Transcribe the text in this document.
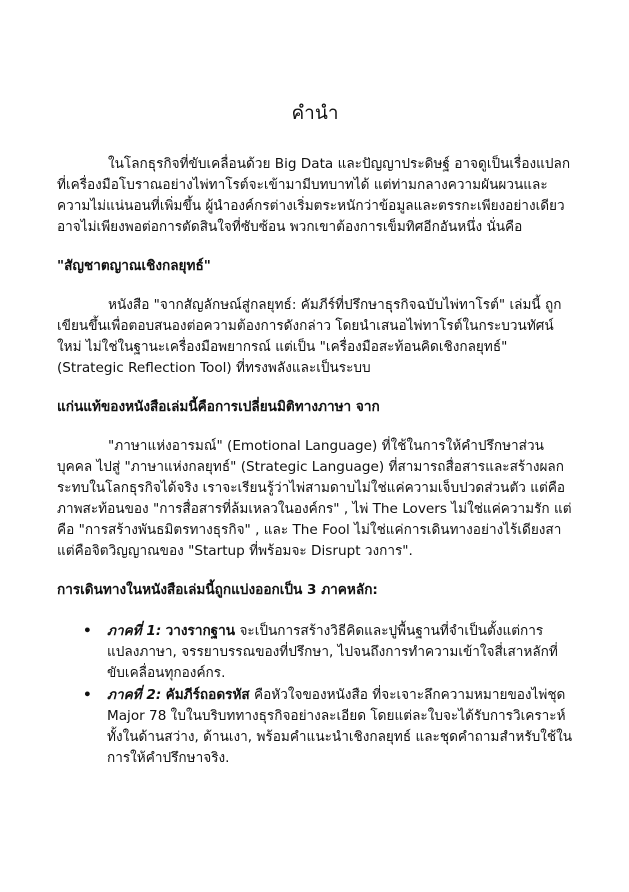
คำนำ

ในโลกธุรกิจที่ขับเคลื่อนด้วย Big Data และปัญญาประดิษฐ์ อาจดูเป็นเรื่องแปลกที่เครื่องมือโบราณอย่างไพ่ทาโรต์จะเข้ามามีบทบาทได้ แต่ท่ามกลางความผันผวนและความไม่แน่นอนที่เพิ่มขึ้น ผู้นำองค์กรต่างเริ่มตระหนักว่าข้อมูลและตรรกะเพียงอย่างเดียวอาจไม่เพียงพอต่อการตัดสินใจที่ซับซ้อน พวกเขาต้องการเข็มทิศอีกอันหนึ่ง นั่นคือ

"สัญชาตญาณเชิงกลยุทธ์"

หนังสือ "จากสัญลักษณ์สู่กลยุทธ์: คัมภีร์ที่ปรึกษาธุรกิจฉบับไพ่ทาโรต์" เล่มนี้ ถูกเขียนขึ้นเพื่อตอบสนองต่อความต้องการดังกล่าว โดยนำเสนอไพ่ทาโรต์ในกระบวนทัศน์ใหม่ ไม่ใช่ในฐานะเครื่องมือพยากรณ์ แต่เป็น "เครื่องมือสะท้อนคิดเชิงกลยุทธ์" (Strategic Reflection Tool) ที่ทรงพลังและเป็นระบบ

แก่นแท้ของหนังสือเล่มนี้คือการเปลี่ยนมิติทางภาษา จาก

"ภาษาแห่งอารมณ์" (Emotional Language) ที่ใช้ในการให้คำปรึกษาส่วนบุคคล ไปสู่ "ภาษาแห่งกลยุทธ์" (Strategic Language) ที่สามารถสื่อสารและสร้างผลกระทบในโลกธุรกิจได้จริง เราจะเรียนรู้ว่าไพ่สามดาบไม่ใช่แค่ความเจ็บปวดส่วนตัว แต่คือภาพสะท้อนของ "การสื่อสารที่ล้มเหลวในองค์กร" , ไพ่ The Lovers ไม่ใช่แค่ความรัก แต่คือ "การสร้างพันธมิตรทางธุรกิจ" , และ The Fool ไม่ใช่แค่การเดินทางอย่างไร้เดียงสา แต่คือจิตวิญญาณของ "Startup ที่พร้อมจะ Disrupt วงการ".

การเดินทางในหนังสือเล่มนี้ถูกแบ่งออกเป็น 3 ภาคหลัก:
• ภาคที่ 1: วางรากฐาน จะเป็นการสร้างวิธีคิดและปูพื้นฐานที่จำเป็นตั้งแต่การแปลงภาษา, จรรยาบรรณของที่ปรึกษา, ไปจนถึงการทำความเข้าใจสี่เสาหลักที่ขับเคลื่อนทุกองค์กร.
• ภาคที่ 2: คัมภีร์ถอดรหัส คือหัวใจของหนังสือ ที่จะเจาะลึกความหมายของไพ่ชุด Major 78 ใบในบริบททางธุรกิจอย่างละเอียด โดยแต่ละใบจะได้รับการวิเคราะห์ทั้งในด้านสว่าง, ด้านเงา, พร้อมคำแนะนำเชิงกลยุทธ์ และชุดคำถามสำหรับใช้ในการให้คำปรึกษาจริง.
